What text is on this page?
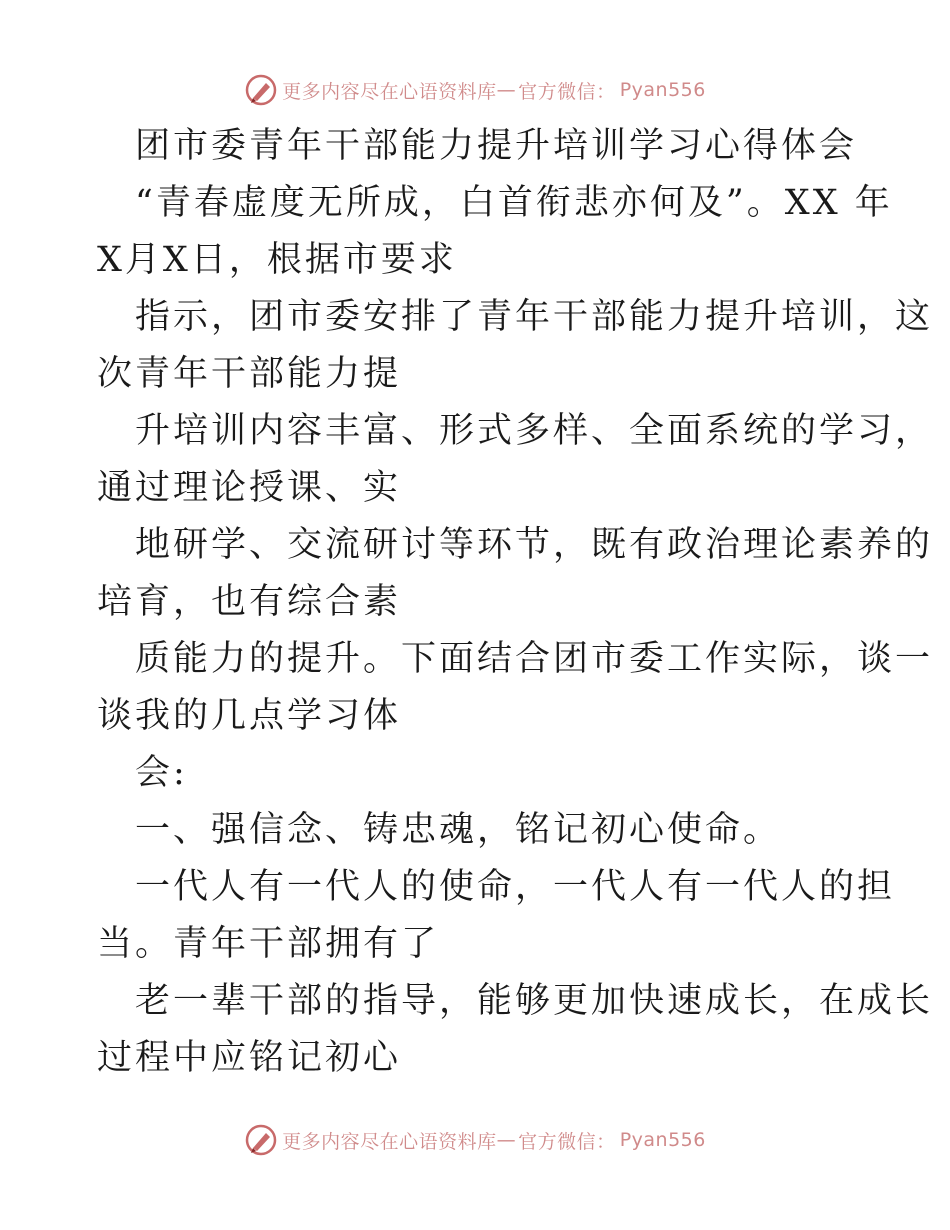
更多内容尽在心语资料库 — 官方微信： Pyan556
团市委青年干部能力提升培训学习心得体会
“青春虚度无所成，白首衔悲亦何及”。XX 年
X月X日，根据市要求
指示，团市委安排了青年干部能力提升培训，这
次青年干部能力提
升培训内容丰富、形式多样、全面系统的学习，
通过理论授课、实
地研学、交流研讨等环节，既有政治理论素养的
培育，也有综合素
质能力的提升。下面结合团市委工作实际，谈一
谈我的几点学习体
会:
一、强信念、铸忠魂，铭记初心使命。
一代人有一代人的使命，一代人有一代人的担
当。青年干部拥有了
老一辈干部的指导，能够更加快速成长，在成长
过程中应铭记初心
更多内容尽在心语资料库 — 官方微信： Pyan556
